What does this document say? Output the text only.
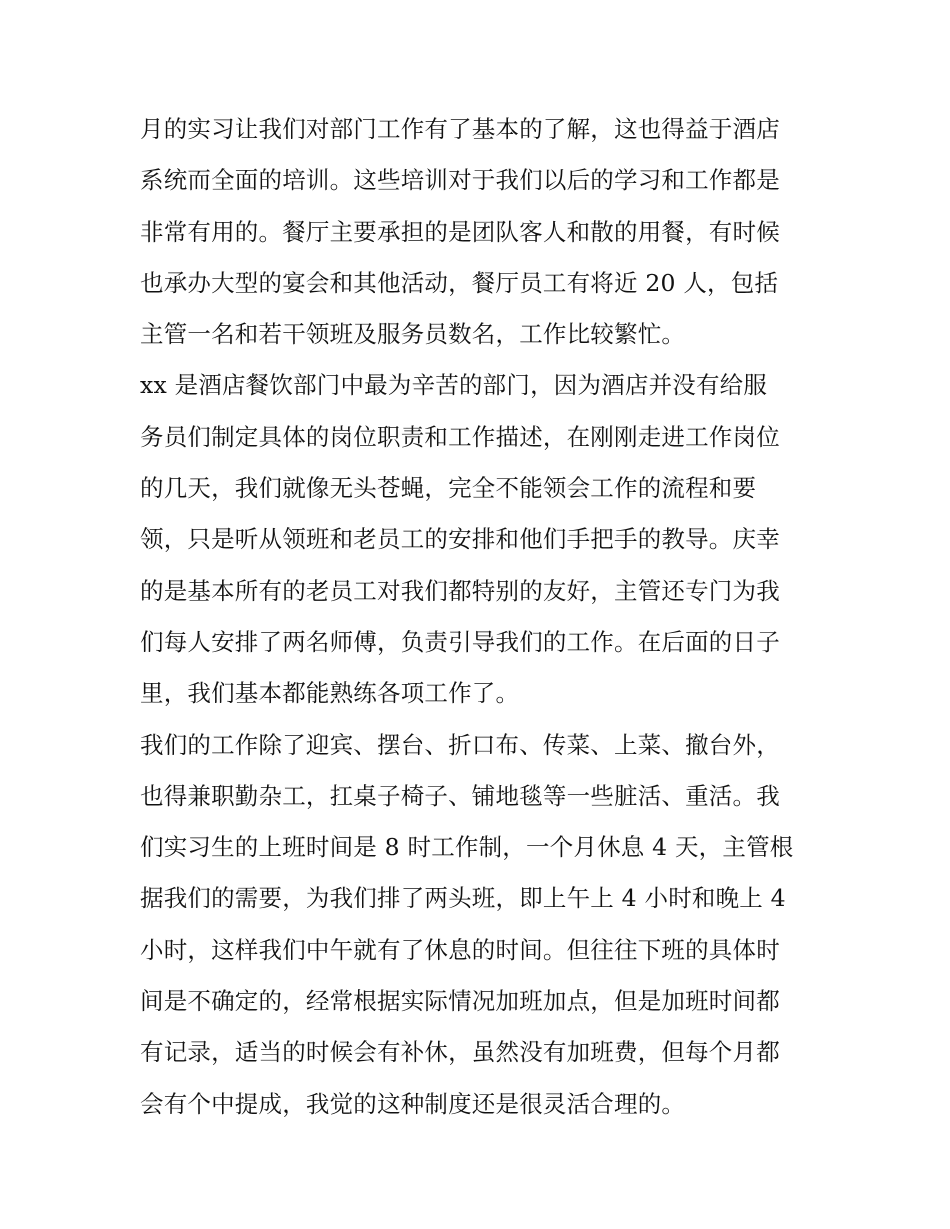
月的实习让我们对部门工作有了基本的了解，这也得益于酒店
系统而全面的培训。这些培训对于我们以后的学习和工作都是
非常有用的。餐厅主要承担的是团队客人和散的用餐，有时候
也承办大型的宴会和其他活动，餐厅员工有将近 20 人，包括
主管一名和若干领班及服务员数名，工作比较繁忙。
xx 是酒店餐饮部门中最为辛苦的部门，因为酒店并没有给服
务员们制定具体的岗位职责和工作描述，在刚刚走进工作岗位
的几天，我们就像无头苍蝇，完全不能领会工作的流程和要
领，只是听从领班和老员工的安排和他们手把手的教导。庆幸
的是基本所有的老员工对我们都特别的友好，主管还专门为我
们每人安排了两名师傅，负责引导我们的工作。在后面的日子
里，我们基本都能熟练各项工作了。
我们的工作除了迎宾、摆台、折口布、传菜、上菜、撤台外，
也得兼职勤杂工，扛桌子椅子、铺地毯等一些脏活、重活。我
们实习生的上班时间是 8 时工作制，一个月休息 4 天，主管根
据我们的需要，为我们排了两头班，即上午上 4 小时和晚上 4
小时，这样我们中午就有了休息的时间。但往往下班的具体时
间是不确定的，经常根据实际情况加班加点，但是加班时间都
有记录，适当的时候会有补休，虽然没有加班费，但每个月都
会有个中提成，我觉的这种制度还是很灵活合理的。
